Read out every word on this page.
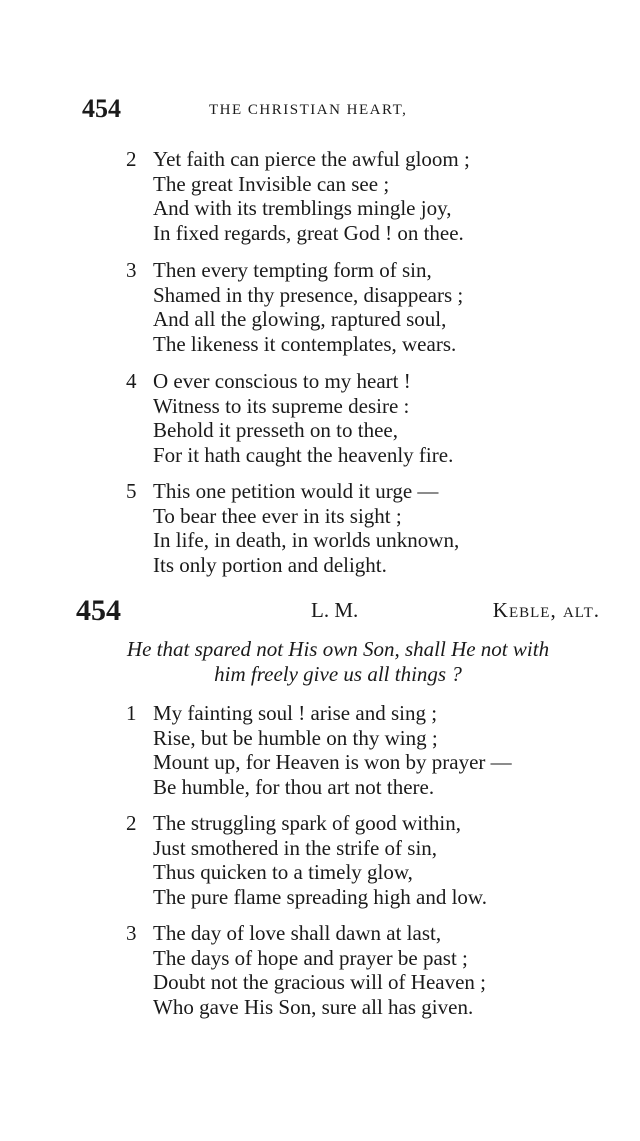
454	THE CHRISTIAN HEART,
2 Yet faith can pierce the awful gloom ;
The great Invisible can see ;
And with its tremblings mingle joy,
In fixed regards, great God ! on thee.
3 Then every tempting form of sin,
Shamed in thy presence, disappears ;
And all the glowing, raptured soul,
The likeness it contemplates, wears.
4 O ever conscious to my heart !
Witness to its supreme desire :
Behold it presseth on to thee,
For it hath caught the heavenly fire.
5 This one petition would it urge —
To bear thee ever in its sight ;
In life, in death, in worlds unknown,
Its only portion and delight.
454	L. M.	Keble, alt.
He that spared not His own Son, shall He not with
him freely give us all things ?
1 My fainting soul ! arise and sing ;
Rise, but be humble on thy wing ;
Mount up, for Heaven is won by prayer —
Be humble, for thou art not there.
2 The struggling spark of good within,
Just smothered in the strife of sin,
Thus quicken to a timely glow,
The pure flame spreading high and low.
3 The day of love shall dawn at last,
The days of hope and prayer be past ;
Doubt not the gracious will of Heaven ;
Who gave His Son, sure all has given.
